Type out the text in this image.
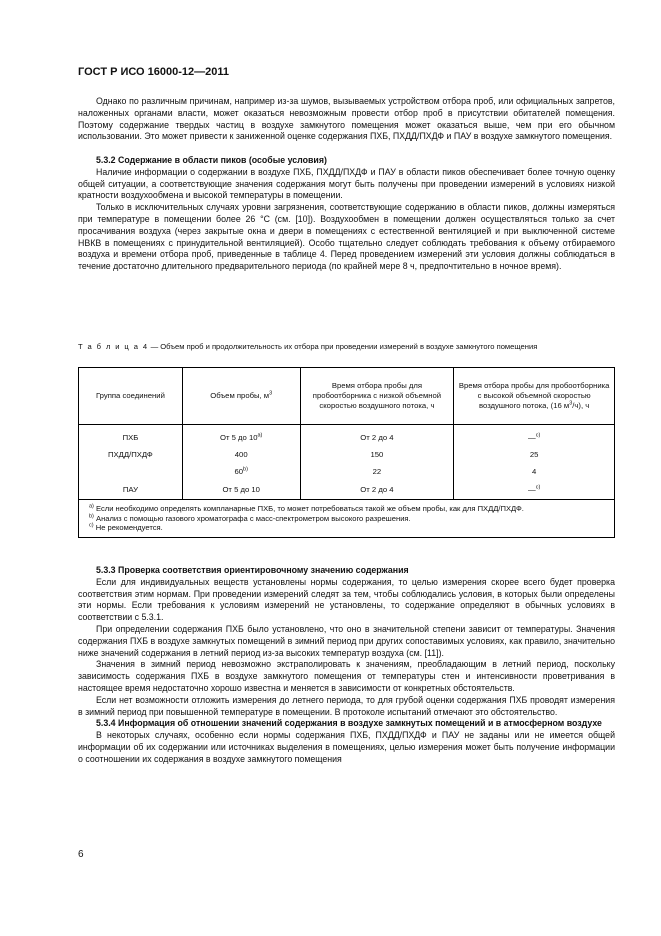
ГОСТ Р ИСО 16000-12—2011

Однако по различным причинам, например из-за шумов, вызываемых устройством отбора проб, или официальных запретов, наложенных органами власти, может оказаться невозможным провести отбор проб в присутствии обитателей помещения. Поэтому содержание твердых частиц в воздухе замкнутого помещения может оказаться выше, чем при его обычном использовании. Это может привести к заниженной оценке содержания ПХБ, ПХДД/ПХДФ и ПАУ в воздухе замкнутого помещения.

5.3.2 Содержание в области пиков (особые условия)

Наличие информации о содержании в воздухе ПХБ, ПХДД/ПХДФ и ПАУ в области пиков обеспечивает более точную оценку общей ситуации, а соответствующие значения содержания могут быть получены при проведении измерений в условиях низкой кратности воздухообмена и высокой температуры в помещении.

Только в исключительных случаях уровни загрязнения, соответствующие содержанию в области пиков, должны измеряться при температуре в помещении более 26 °C (см. [10]). Воздухообмен в помещении должен осуществляться только за счет просачивания воздуха (через закрытые окна и двери в помещениях с естественной вентиляцией и при выключенной системе НВКВ в помещениях с принудительной вентиляцией). Особо тщательно следует соблюдать требования к объему отбираемого воздуха и времени отбора проб, приведенные в таблице 4. Перед проведением измерений эти условия должны соблюдаться в течение достаточно длительного предварительного периода (по крайней мере 8 ч, предпочтительно в ночное время).

Т а б л и ц а 4 — Объем проб и продолжительность их отбора при проведении измерений в воздухе замкнутого помещения
Группа соединений	Объем пробы, $м^3$	Время отбора пробы для пробоотборника с низкой объемной скоростью воздушного потока, ч	Время отбора пробы для пробоотборника с высокой объемной скоростью воздушного потока, (16 $м^3/ч$), ч
ПХБ	От 5 до $10^{а)}$	От 2 до 4	—$^{с)}$
ПХДД/ПХДФ	400	150	25
	60$^{b)}$	22	4
ПАУ	От 5 до 10	От 2 до 4	—$^{с)}$

$^{а)}$ Если необходимо определять компланарные ПХБ, то может потребоваться такой же объем пробы, как для ПХДД/ПХДФ.
$^{b)}$ Анализ с помощью газового хроматографа с масс-спектрометром высокого разрешения.
$^{с)}$ Не рекомендуется.			

5.3.3 Проверка соответствия ориентировочному значению содержания

Если для индивидуальных веществ установлены нормы содержания, то целью измерения скорее всего будет проверка соответствия этим нормам. При проведении измерений следят за тем, чтобы соблюдались условия, в которых были определены эти нормы. Если требования к условиям измерений не установлены, то содержание определяют в обычных условиях в соответствии с 5.3.1.

При определении содержания ПХБ было установлено, что оно в значительной степени зависит от температуры. Значения содержания ПХБ в воздухе замкнутых помещений в зимний период при других сопоставимых условиях, как правило, значительно ниже значений содержания в летний период из-за высоких температур воздуха (см. [11]).

Значения в зимний период невозможно экстраполировать к значениям, преобладающим в летний период, поскольку зависимость содержания ПХБ в воздухе замкнутого помещения от температуры стен и интенсивности проветривания в настоящее время недостаточно хорошо известна и меняется в зависимости от конкретных обстоятельств.

Если нет возможности отложить измерения до летнего периода, то для грубой оценки содержания ПХБ проводят измерения в зимний период при повышенной температуре в помещении. В протоколе испытаний отмечают это обстоятельство.

5.3.4 Информация об отношении значений содержания в воздухе замкнутых помещений и в атмосферном воздухе

В некоторых случаях, особенно если нормы содержания ПХБ, ПХДД/ПХДФ и ПАУ не заданы или не имеется общей информации об их содержании или источниках выделения в помещениях, целью измерения может быть получение информации о соотношении их содержания в воздухе замкнутого помещения

6
